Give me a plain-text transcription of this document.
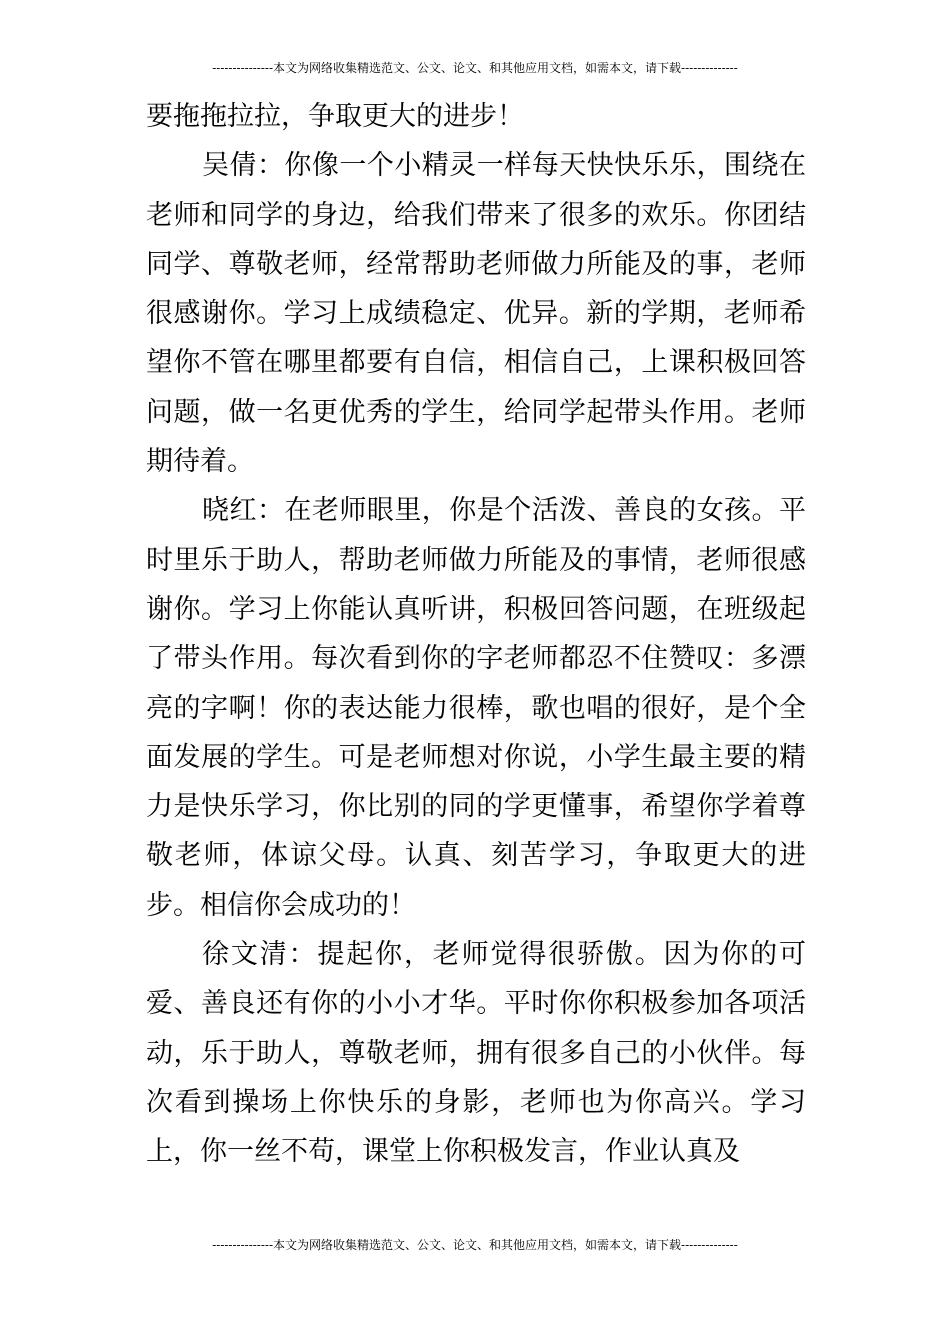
---------------本文为网络收集精选范文、公文、论文、和其他应用文档，如需本文，请下载--------------

要拖拖拉拉，争取更大的进步！

吴倩：你像一个小精灵一样每天快快乐乐，围绕在老师和同学的身边，给我们带来了很多的欢乐。你团结同学、尊敬老师，经常帮助老师做力所能及的事，老师很感谢你。学习上成绩稳定、优异。新的学期，老师希望你不管在哪里都要有自信，相信自己，上课积极回答问题，做一名更优秀的学生，给同学起带头作用。老师期待着。

晓红：在老师眼里，你是个活泼、善良的女孩。平时里乐于助人，帮助老师做力所能及的事情，老师很感谢你。学习上你能认真听讲，积极回答问题，在班级起了带头作用。每次看到你的字老师都忍不住赞叹：多漂亮的字啊！你的表达能力很棒，歌也唱的很好，是个全面发展的学生。可是老师想对你说，小学生最主要的精力是快乐学习，你比别的同的学更懂事，希望你学着尊敬老师，体谅父母。认真、刻苦学习，争取更大的进步。相信你会成功的！

徐文清：提起你，老师觉得很骄傲。因为你的可爱、善良还有你的小小才华。平时你你积极参加各项活动，乐于助人，尊敬老师，拥有很多自己的小伙伴。每次看到操场上你快乐的身影，老师也为你高兴。学习上，你一丝不苟，课堂上你积极发言，作业认真及

---------------本文为网络收集精选范文、公文、论文、和其他应用文档，如需本文，请下载--------------
